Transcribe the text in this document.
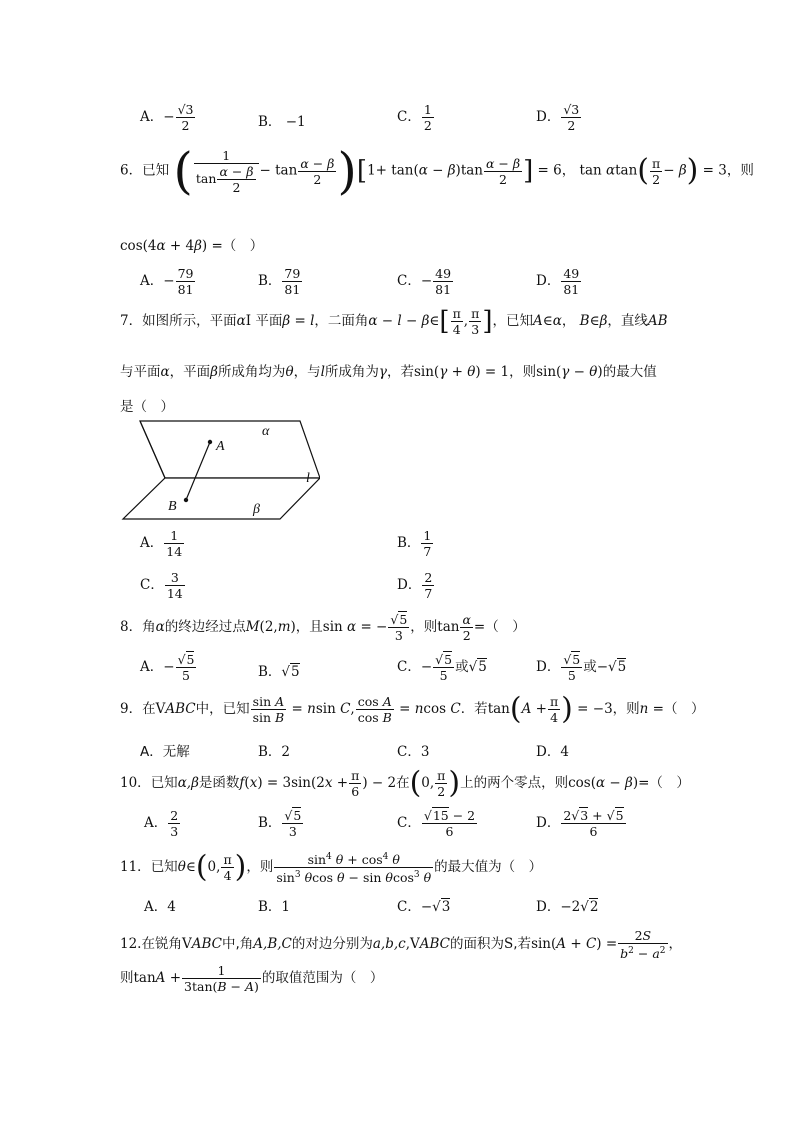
A．− $\frac{√3}{2}$	B． −1	C． $\frac{1}{2}$	D． $\frac{√3}{2}$
6．已知 ( $\frac{1}{\tan \frac{\alpha - \beta}{2}} - \tan \frac{\alpha - \beta}{2} )[1+ \tan(\alpha - \beta)\tan \frac{\alpha - \beta}{2}$ ] = 6， $\tan \alpha\tan( \frac{\pi}{2} - \beta) = 3$，则
cos(4α + 4β) =（　）
A．− $\frac{79}{81}$	B． $\frac{79}{81}$	C．− $\frac{49}{81}$	D． $\frac{49}{81}$
7．如图所示，平面αI 平面β = l，二面角α − l − β∈[ $\frac{\pi}{4}$ , $\frac{\pi}{3}$ ]，已知A∈α， B∈β，直线AB
与平面α，平面β所成角均为θ，与l所成角为γ，若sin(γ + θ) = 1，则sin(γ − θ)的最大值
是（　）
A
B
α
β
l
A． $\frac{1}{14}$	B． $\frac{1}{7}$
C． $\frac{3}{14}$	D． $\frac{2}{7}$
8．角α的终边经过点M(2,m)，且sin α = − $\frac{√5}{3}$ ，则$\tan \frac{\alpha}{2}$ =（　）
A．− $\frac{√5}{5}$	B．√5	C．− $\frac{√5}{5}$ 或√5	D． $\frac{√5}{5}$ 或−√5
9．在VABC中，已知 $\frac{\text{sin A}}{\text{sin B}} = nsin$ C, $\frac{\text{cos A}}{\text{cos B}} = ncos$ C．若$\tan(A + \frac{\pi}{4}$ ) = −3，则n =（　）
A．无解	B．2	C．3	D．4
10．已知α,β是函数$f(x) = 3\sin(2x + \frac{\pi}{6}$ ) − 2在(0, $\frac{\pi}{2}$ )上的两个零点，则cos(α − β)=（　）
A． $\frac{2}{3}$	B． $\frac{√5}{3}$	C． $\frac{√15 - 2}{6}$	D． $\frac{2√3 + √5}{6}$
11．已知θ∈(0, $\frac{\pi}{4}$ )，则 $\frac{\sin^4 \theta + \cos^4 \theta}{\sin^3 \theta\cos \theta - \sin \theta\cos^3 \theta}$ 的最大值为（　）
A．4	B．1	C．−√3	D．−2√2
12.在锐角VABC中,角A,B,C的对边分别为a,b,c,VABC的面积为S,若$\sin(A + C) = \frac{2S}{b^2 - a^2}$ ，
则$\tan A + \frac{1}{3\tan(B - A)}$ 的取值范围为（　）
